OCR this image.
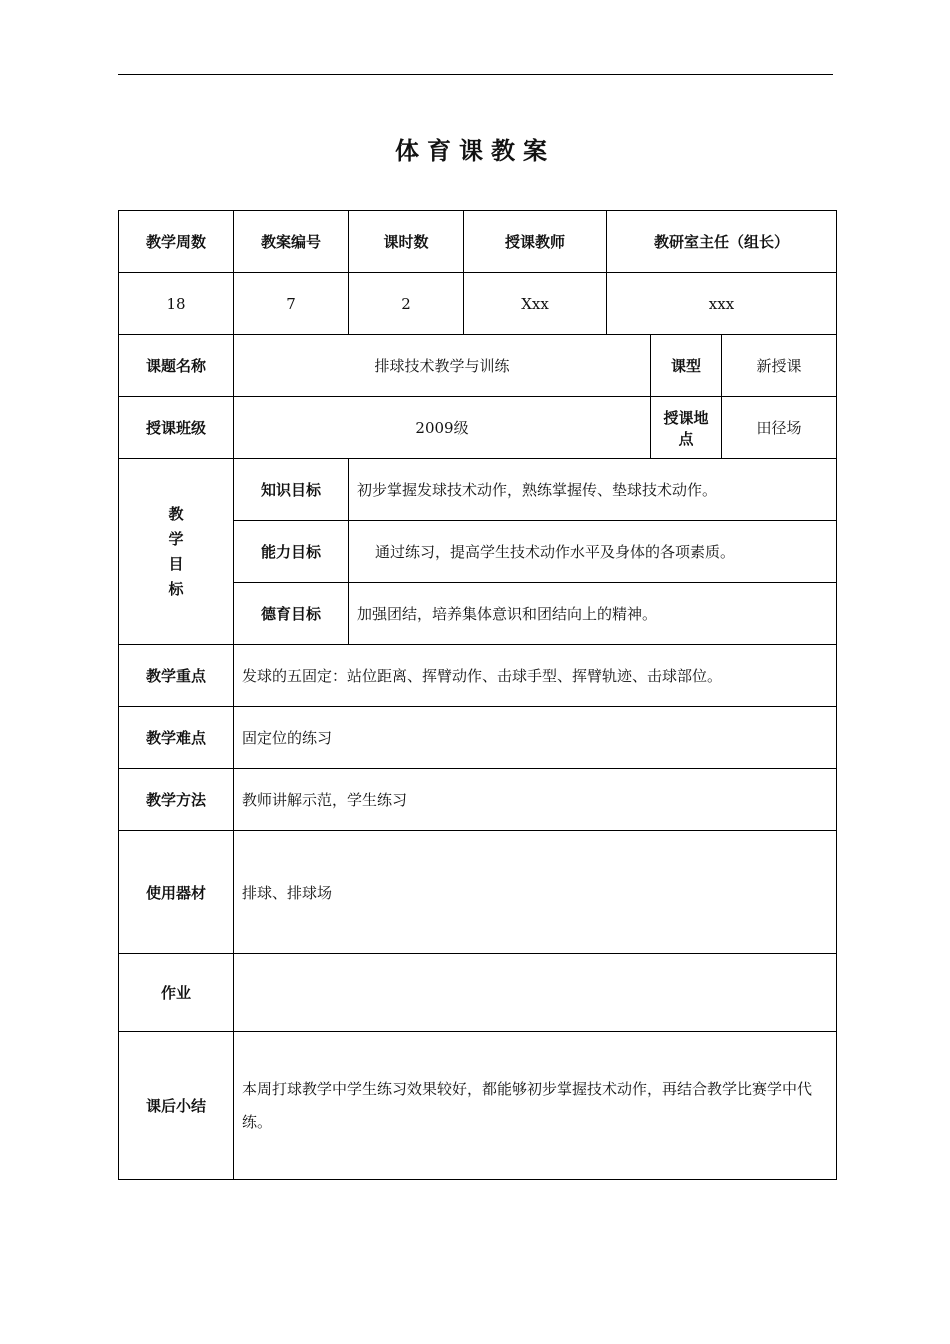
体育课教案
教学周数	教案编号	课时数	授课教师	教研室主任（组长）		
18	7	2	Xxx	xxx		
课题名称	排球技术教学与训练				课型	新授课
授课班级	2009级				授课地点	田径场

教
学
目
标	知识目标	初步掌握发球技术动作，熟练掌握传、垫球技术动作。				
	能力目标	通过练习，提高学生技术动作水平及身体的各项素质。				
	德育目标	加强团结，培养集体意识和团结向上的精神。				
教学重点	发球的五固定：站位距离、挥臂动作、击球手型、挥臂轨迹、击球部位。					
教学难点	固定位的练习					
教学方法	教师讲解示范，学生练习					
使用器材	排球、排球场					
作业						
课后小结	本周打球教学中学生练习效果较好，都能够初步掌握技术动作，再结合教学比赛学中代练。					
